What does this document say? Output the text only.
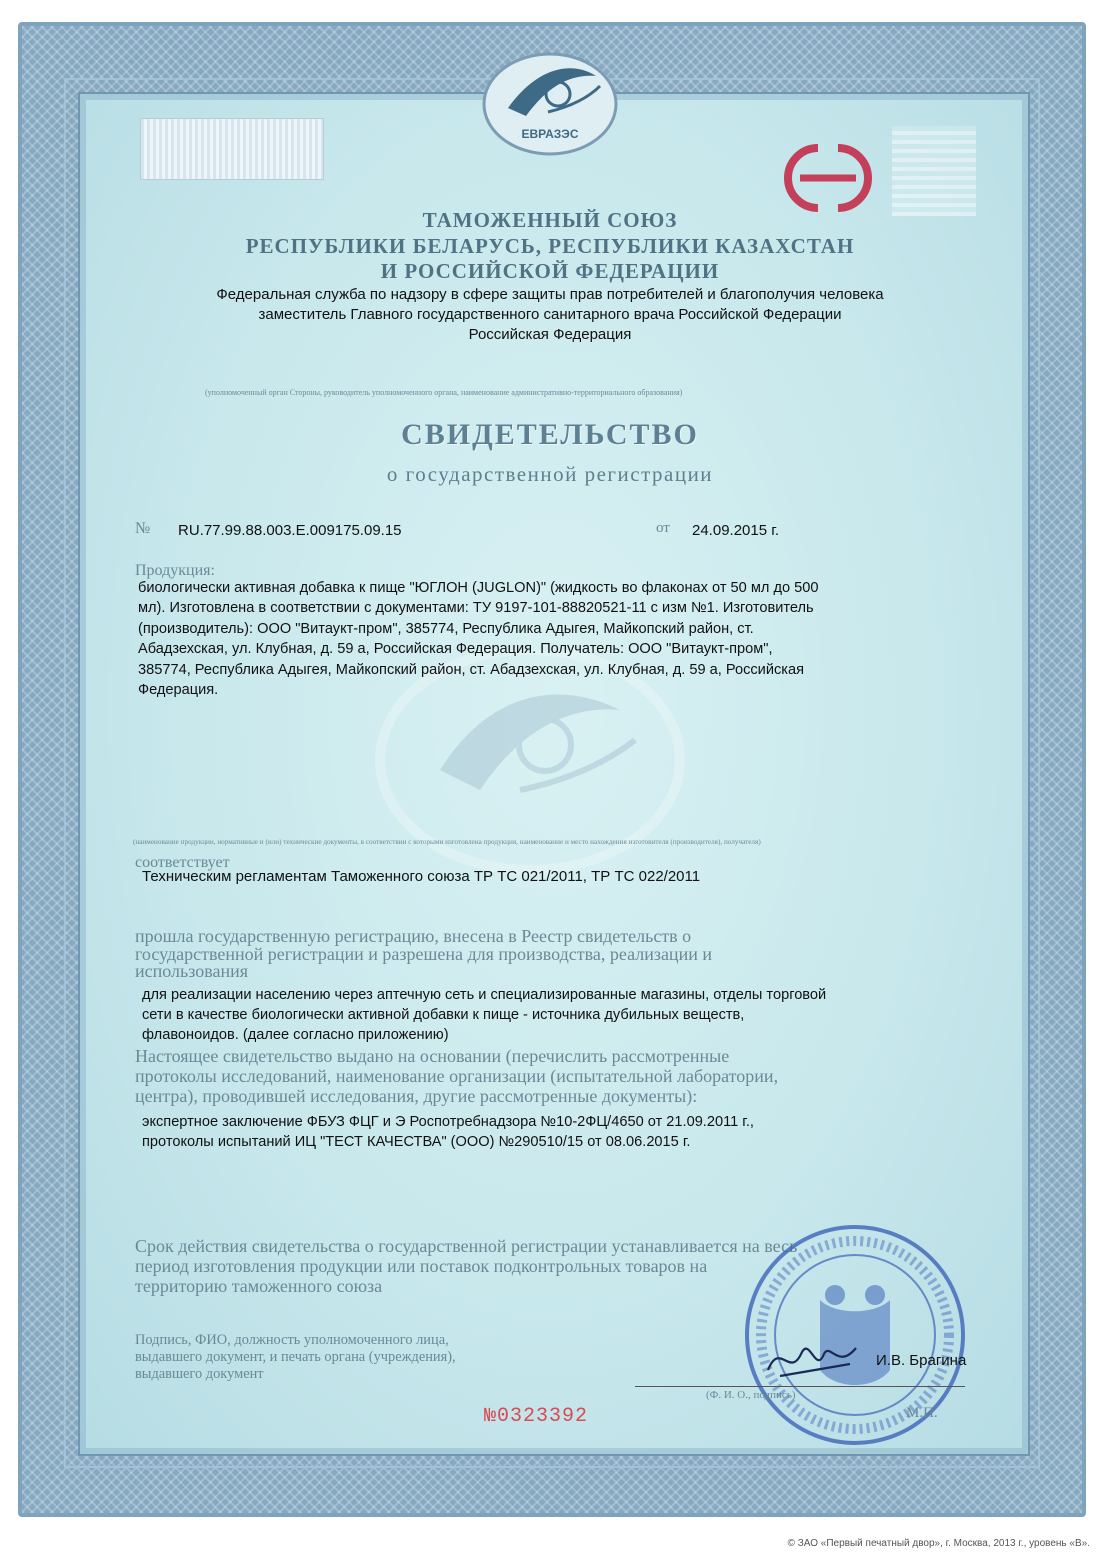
ЕВРАЗЭС
ТАМОЖЕННЫЙ СОЮЗ
РЕСПУБЛИКИ БЕЛАРУСЬ, РЕСПУБЛИКИ КАЗАХСТАН
И РОССИЙСКОЙ ФЕДЕРАЦИИ
Федеральная служба по надзору в сфере защиты прав потребителей и благополучия человека
заместитель Главного государственного санитарного врача Российской Федерации
Российская Федерация
(уполномоченный орган Стороны, руководитель уполномоченного органа, наименование административно-территориального образования)
СВИДЕТЕЛЬСТВО
о государственной регистрации
№ RU.77.99.88.003.E.009175.09.15	от 24.09.2015 г.
Продукция:
биологически активная добавка к пище "ЮГЛОН (JUGLON)" (жидкость во флаконах от 50 мл до 500
мл). Изготовлена в соответствии с документами: ТУ 9197-101-88820521-11 с изм №1. Изготовитель
(производитель): ООО "Витаукт-пром", 385774, Республика Адыгея, Майкопский район, ст.
Абадзехская, ул. Клубная, д. 59 а, Российская Федерация. Получатель: ООО "Витаукт-пром",
385774, Республика Адыгея, Майкопский район, ст. Абадзехская, ул. Клубная, д. 59 а, Российская
Федерация.
(наименование продукции, нормативные и (или) технические документы, в соответствии с которыми изготовлена продукция, наименование и место нахождения изготовителя (производителя), получателя)
соответствует
Техническим регламентам Таможенного союза ТР ТС 021/2011, ТР ТС 022/2011
прошла государственную регистрацию, внесена в Реестр свидетельств о
государственной регистрации и разрешена для производства, реализации и
использования
для реализации населению через аптечную сеть и специализированные магазины, отделы торговой
сети в качестве биологически активной добавки к пище - источника дубильных веществ,
флавоноидов. (далее согласно приложению)
Настоящее свидетельство выдано на основании (перечислить рассмотренные
протоколы исследований, наименование организации (испытательной лаборатории,
центра), проводившей исследования, другие рассмотренные документы):
экспертное заключение ФБУЗ ФЦГ и Э Роспотребнадзора №10-2ФЦ/4650 от 21.09.2011 г.,
протоколы испытаний ИЦ "ТЕСТ КАЧЕСТВА" (ООО) №290510/15 от 08.06.2015 г.
Срок действия свидетельства о государственной регистрации устанавливается на весь
период изготовления продукции или поставок подконтрольных товаров на
территорию таможенного союза
Подпись, ФИО, должность уполномоченного лица,
выдавшего документ, и печать органа (учреждения),
выдавшего документ
И.В. Брагина
(Ф. И. О., подпись)
М.П.
№0323392
© ЗАО «Первый печатный двор», г. Москва, 2013 г., уровень «В».
